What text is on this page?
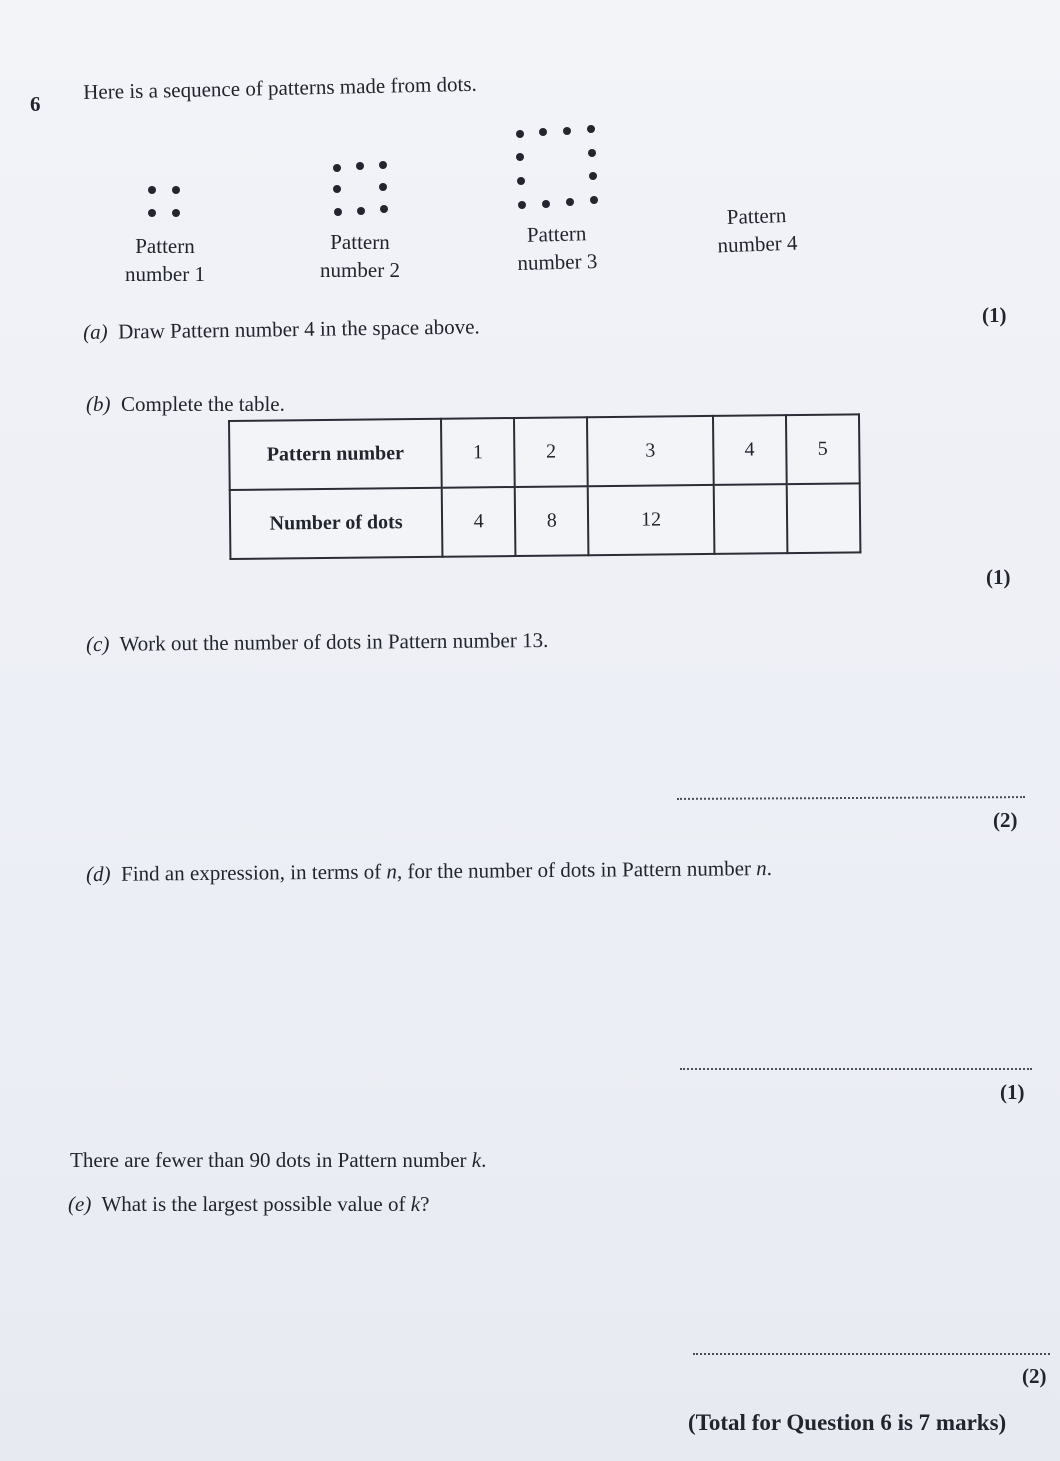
6
Here is a sequence of patterns made from dots.
Pattern
number 1
Pattern
number 2
Pattern
number 3
Pattern
number 4
(a) Draw Pattern number 4 in the space above.	(1)
(b) Complete the table.
Pattern number	1	2	3	4	5
Number of dots	4	8	12		
(1)
(c) Work out the number of dots in Pattern number 13.
(2)
(d) Find an expression, in terms of n, for the number of dots in Pattern number n.
(1)
There are fewer than 90 dots in Pattern number k.
(e) What is the largest possible value of k?
(2)
(Total for Question 6 is 7 marks)
